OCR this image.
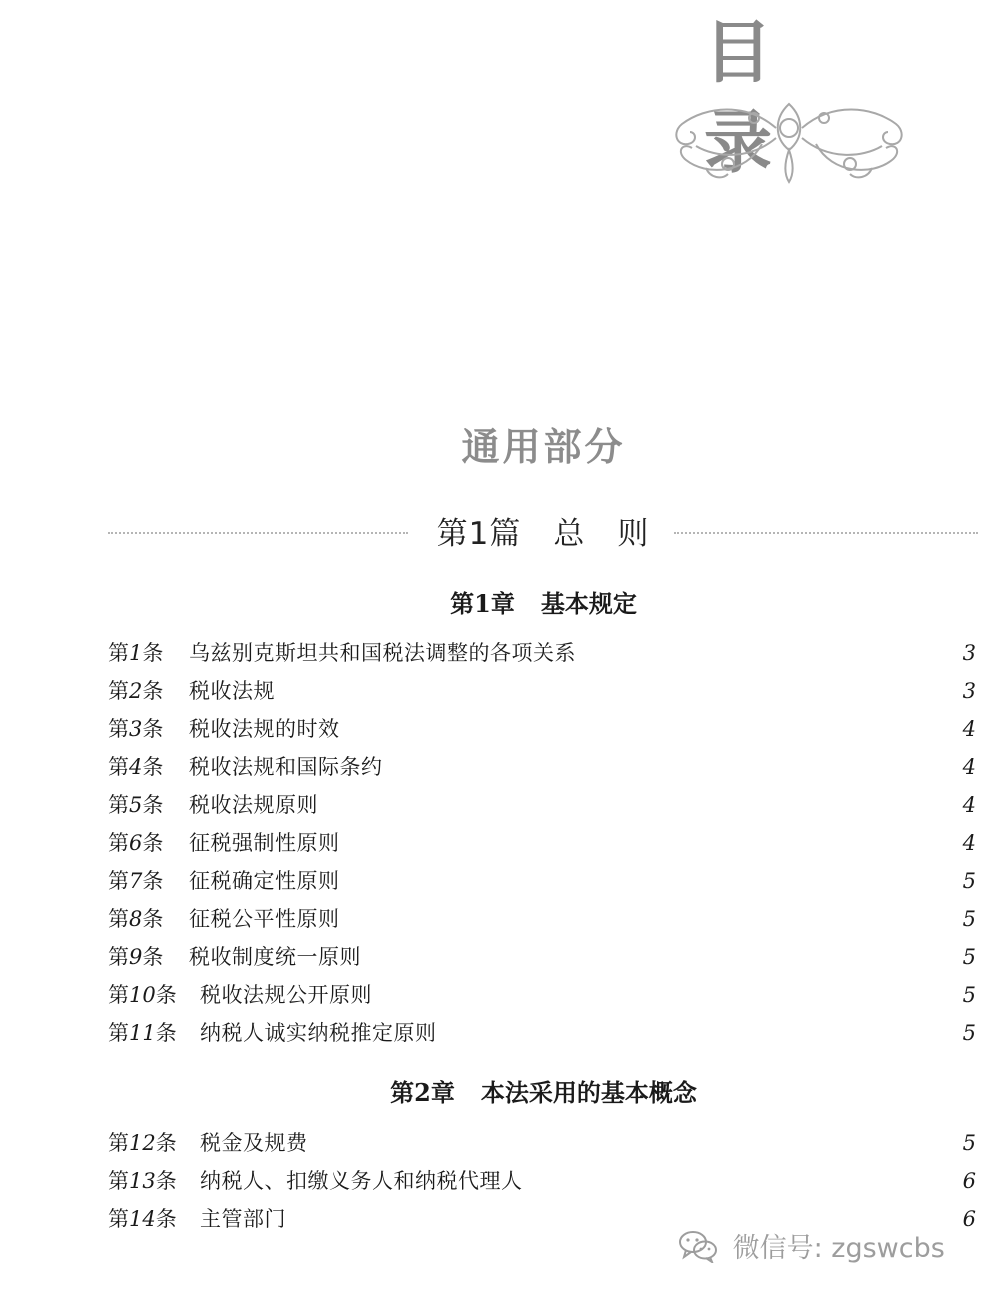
目 录
通用部分
第1篇　总　则
第1章 基本规定
第2章 本法采用的基本概念
第1条 乌兹别克斯坦共和国税法调整的各项关系	3
第2条 税收法规	3
第3条 税收法规的时效	4
第4条 税收法规和国际条约	4
第5条 税收法规原则	4
第6条 征税强制性原则	4
第7条 征税确定性原则	5
第8条 征税公平性原则	5
第9条 税收制度统一原则	5
第10条 税收法规公开原则	5
第11条 纳税人诚实纳税推定原则	5
第12条 税金及规费	5
第13条 纳税人、扣缴义务人和纳税代理人	6
第14条 主管部门	6
微信号: zgswcbs
